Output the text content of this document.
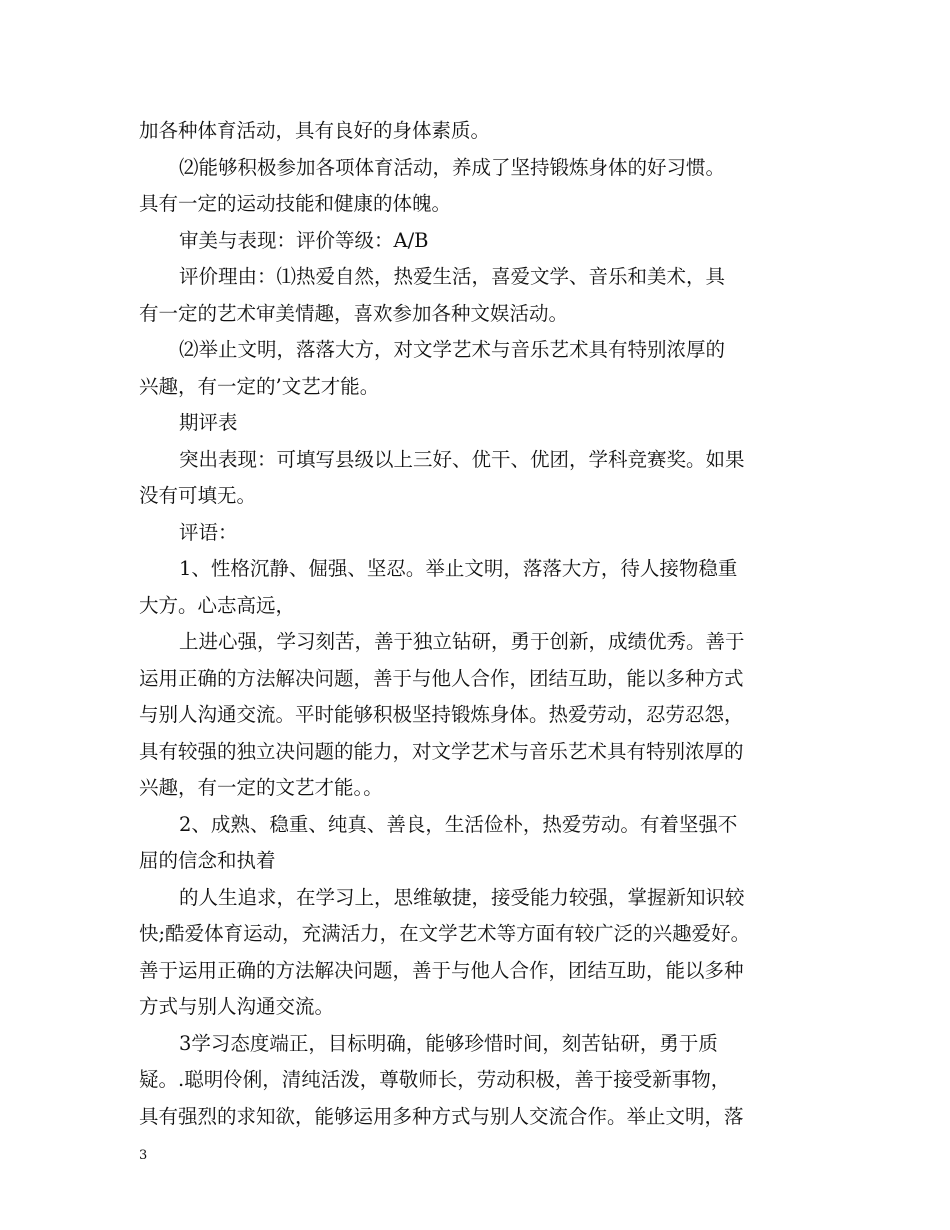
加各种体育活动，具有良好的身体素质。
⑵能够积极参加各项体育活动，养成了坚持锻炼身体的好习惯。
具有一定的运动技能和健康的体魄。
审美与表现：评价等级：A/B
评价理由：⑴热爱自然，热爱生活，喜爱文学、音乐和美术，具
有一定的艺术审美情趣，喜欢参加各种文娱活动。
⑵举止文明，落落大方，对文学艺术与音乐艺术具有特别浓厚的
兴趣，有一定的’文艺才能。
期评表
突出表现：可填写县级以上三好、优干、优团，学科竞赛奖。如果
没有可填无。
评语：
1、性格沉静、倔强、坚忍。举止文明，落落大方，待人接物稳重
大方。心志高远，
上进心强，学习刻苦，善于独立钻研，勇于创新，成绩优秀。善于
运用正确的方法解决问题，善于与他人合作，团结互助，能以多种方式
与别人沟通交流。平时能够积极坚持锻炼身体。热爱劳动，忍劳忍怨，
具有较强的独立决问题的能力，对文学艺术与音乐艺术具有特别浓厚的
兴趣，有一定的文艺才能。。
2、成熟、稳重、纯真、善良，生活俭朴，热爱劳动。有着坚强不
屈的信念和执着
的人生追求，在学习上，思维敏捷，接受能力较强，掌握新知识较
快;酷爱体育运动，充满活力，在文学艺术等方面有较广泛的兴趣爱好。
善于运用正确的方法解决问题，善于与他人合作，团结互助，能以多种
方式与别人沟通交流。
3学习态度端正，目标明确，能够珍惜时间，刻苦钻研，勇于质
疑。.聪明伶俐，清纯活泼，尊敬师长，劳动积极，善于接受新事物，
具有强烈的求知欲，能够运用多种方式与别人交流合作。举止文明，落
3
